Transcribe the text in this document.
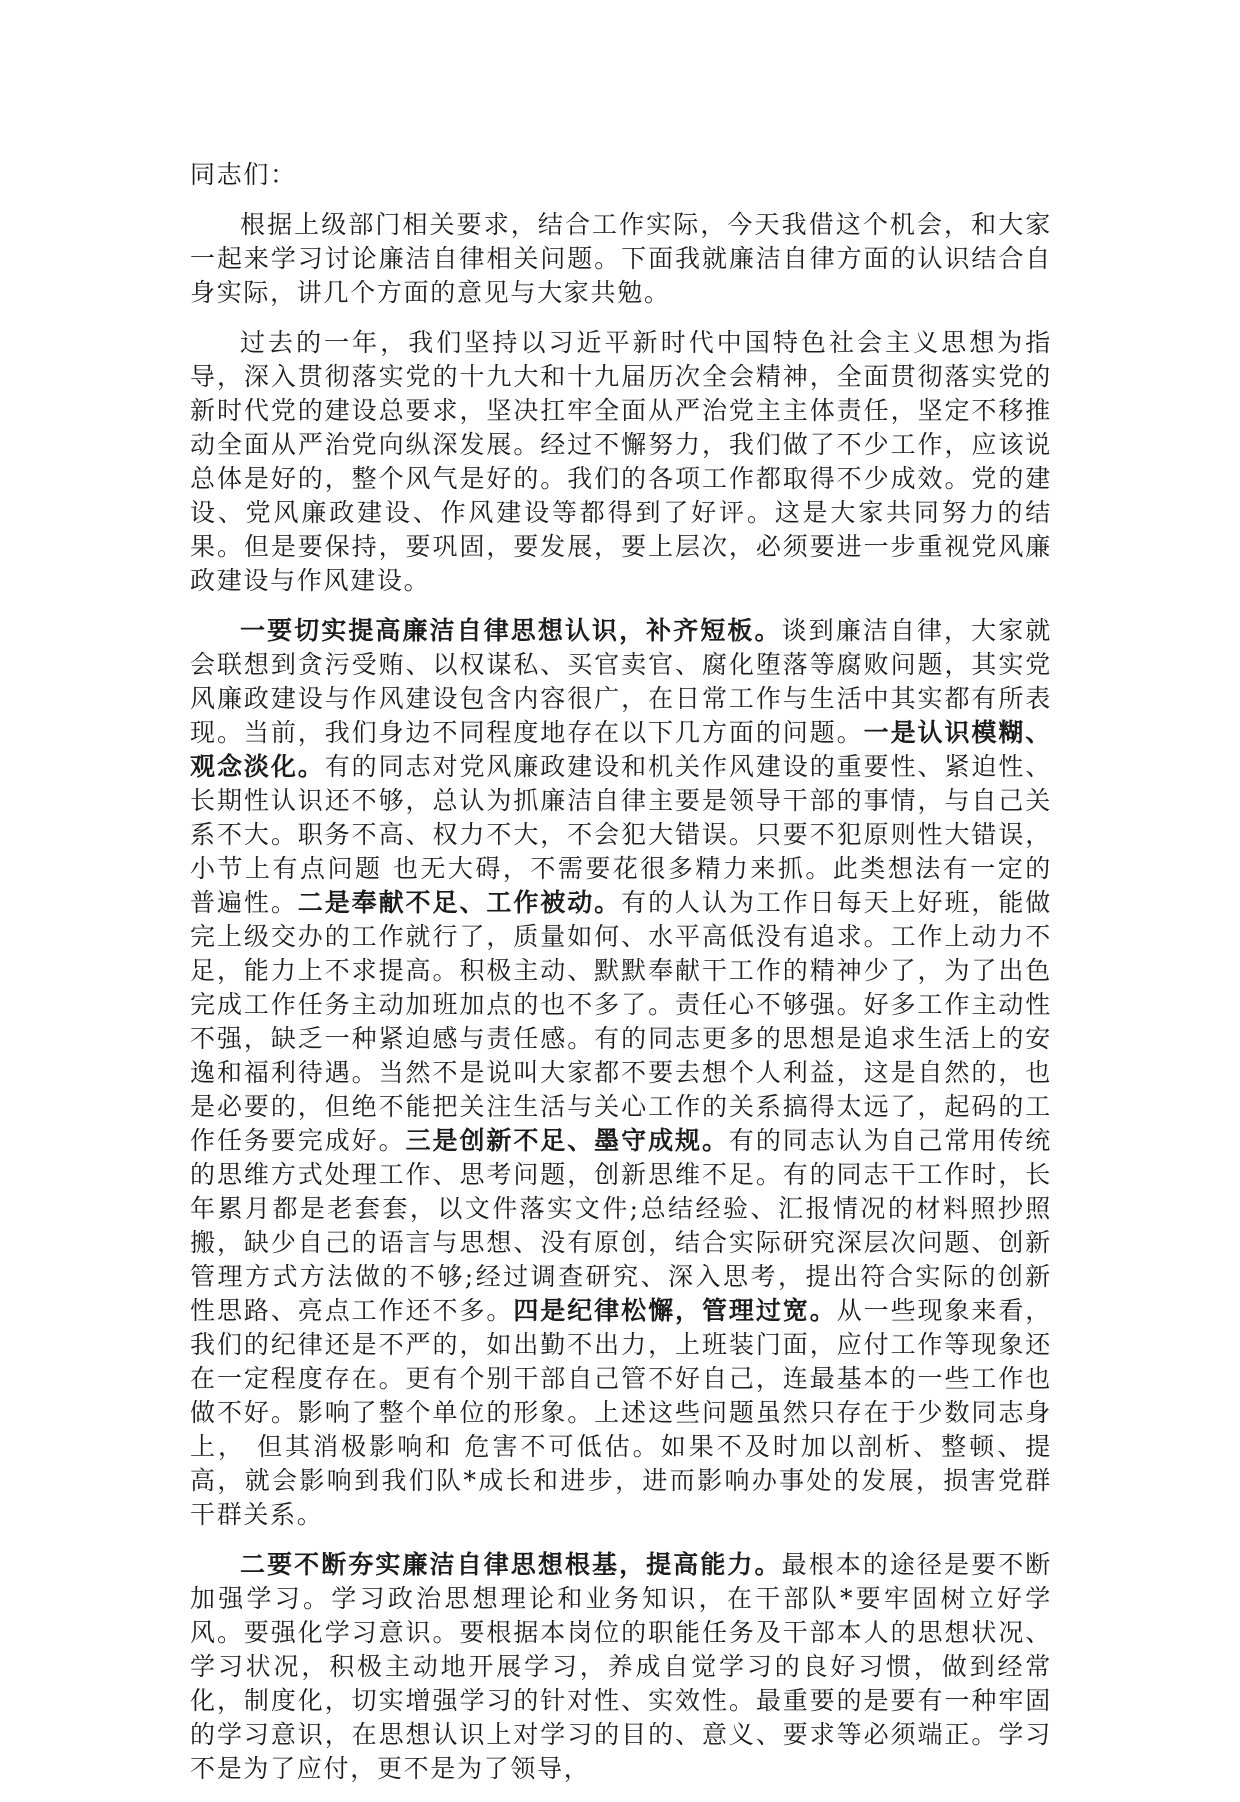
同志们：

根据上级部门相关要求，结合工作实际，今天我借这个机会，和大家一起来学习讨论廉洁自律相关问题。下面我就廉洁自律方面的认识结合自身实际，讲几个方面的意见与大家共勉。

过去的一年，我们坚持以习近平新时代中国特色社会主义思想为指导，深入贯彻落实党的十九大和十九届历次全会精神，全面贯彻落实党的新时代党的建设总要求，坚决扛牢全面从严治党主主体责任，坚定不移推动全面从严治党向纵深发展。经过不懈努力，我们做了不少工作，应该说总体是好的，整个风气是好的。我们的各项工作都取得不少成效。党的建设、党风廉政建设、作风建设等都得到了好评。这是大家共同努力的结果。但是要保持，要巩固，要发展，要上层次，必须要进一步重视党风廉政建设与作风建设。

一要切实提高廉洁自律思想认识，补齐短板。谈到廉洁自律，大家就会联想到贪污受贿、以权谋私、买官卖官、腐化堕落等腐败问题，其实党风廉政建设与作风建设包含内容很广，在日常工作与生活中其实都有所表现。当前，我们身边不同程度地存在以下几方面的问题。一是认识模糊、观念淡化。有的同志对党风廉政建设和机关作风建设的重要性、紧迫性、长期性认识还不够，总认为抓廉洁自律主要是领导干部的事情，与自己关系不大。职务不高、权力不大，不会犯大错误。只要不犯原则性大错误，小节上有点问题 也无大碍，不需要花很多精力来抓。此类想法有一定的普遍性。二是奉献不足、工作被动。有的人认为工作日每天上好班，能做完上级交办的工作就行了，质量如何、水平高低没有追求。工作上动力不足，能力上不求提高。积极主动、默默奉献干工作的精神少了，为了出色完成工作任务主动加班加点的也不多了。责任心不够强。好多工作主动性不强，缺乏一种紧迫感与责任感。有的同志更多的思想是追求生活上的安逸和福利待遇。当然不是说叫大家都不要去想个人利益，这是自然的，也是必要的，但绝不能把关注生活与关心工作的关系搞得太远了，起码的工作任务要完成好。三是创新不足、墨守成规。有的同志认为自己常用传统的思维方式处理工作、思考问题，创新思维不足。有的同志干工作时，长年累月都是老套套，以文件落实文件;总结经验、汇报情况的材料照抄照搬，缺少自己的语言与思想、没有原创，结合实际研究深层次问题、创新管理方式方法做的不够;经过调查研究、深入思考，提出符合实际的创新性思路、亮点工作还不多。四是纪律松懈，管理过宽。从一些现象来看，我们的纪律还是不严的，如出勤不出力，上班装门面，应付工作等现象还在一定程度存在。更有个别干部自己管不好自己，连最基本的一些工作也做不好。影响了整个单位的形象。上述这些问题虽然只存在于少数同志身上， 但其消极影响和 危害不可低估。如果不及时加以剖析、整顿、提高，就会影响到我们队*成长和进步，进而影响办事处的发展，损害党群干群关系。

二要不断夯实廉洁自律思想根基，提高能力。最根本的途径是要不断加强学习。学习政治思想理论和业务知识，在干部队*要牢固树立好学风。要强化学习意识。要根据本岗位的职能任务及干部本人的思想状况、学习状况，积极主动地开展学习，养成自觉学习的良好习惯，做到经常化，制度化，切实增强学习的针对性、实效性。最重要的是要有一种牢固的学习意识，在思想认识上对学习的目的、意义、要求等必须端正。学习不是为了应付，更不是为了领导，
